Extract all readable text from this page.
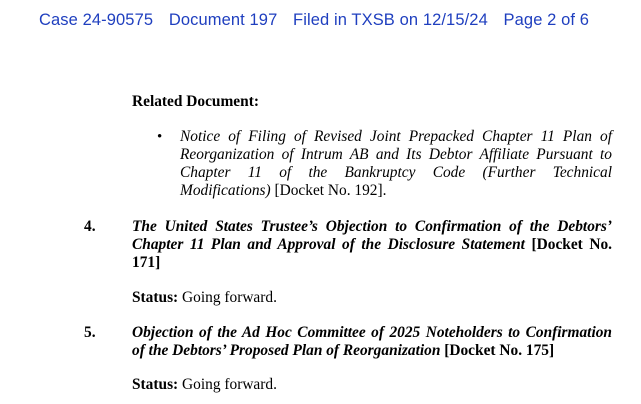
Case 24-90575 Document 197 Filed in TXSB on 12/15/24 Page 2 of 6
Related Document:
• Notice of Filing of Revised Joint Prepacked Chapter 11 Plan of Reorganization of Intrum AB and Its Debtor Affiliate Pursuant to Chapter 11 of the Bankruptcy Code (Further Technical Modifications) [Docket No. 192].
4. The United States Trustee’s Objection to Confirmation of the Debtors’ Chapter 11 Plan and Approval of the Disclosure Statement [Docket No. 171]
Status: Going forward.
5. Objection of the Ad Hoc Committee of 2025 Noteholders to Confirmation of the Debtors’ Proposed Plan of Reorganization [Docket No. 175]
Status: Going forward.
